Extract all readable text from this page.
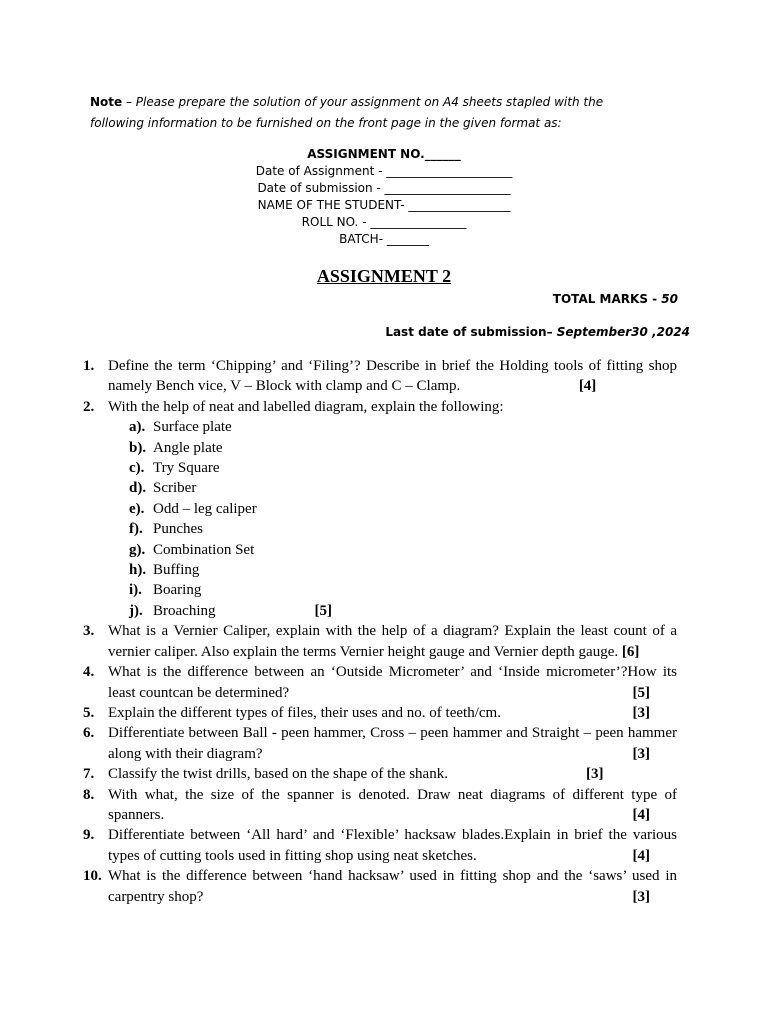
Note – Please prepare the solution of your assignment on A4 sheets stapled with the following information to be furnished on the front page in the given format as:
ASSIGNMENT NO.______
Date of Assignment - _____________________
Date of submission - _____________________
NAME OF THE STUDENT- _________________
ROLL NO. - ________________
BATCH- _______
ASSIGNMENT 2
TOTAL MARKS - 50
Last date of submission– September30 ,2024
1. Define the term ‘Chipping’ and ‘Filing’? Describe in brief the Holding tools of fitting shop namely Bench vice, V – Block with clamp and C – Clamp.	[4]
2. With the help of neat and labelled diagram, explain the following:
a). Surface plate
b). Angle plate
c). Try Square
d). Scriber
e). Odd – leg caliper
f). Punches
g). Combination Set
h). Buffing
i). Boaring
j). Broaching	[5]
3. What is a Vernier Caliper, explain with the help of a diagram? Explain the least count of a vernier caliper. Also explain the terms Vernier height gauge and Vernier depth gauge. [6]
4. What is the difference between an ‘Outside Micrometer’ and ‘Inside micrometer’?How its least countcan be determined?	[5]
5. Explain the different types of files, their uses and no. of teeth/cm.	[3]
6. Differentiate between Ball - peen hammer, Cross – peen hammer and Straight – peen hammer along with their diagram?	[3]
7. Classify the twist drills, based on the shape of the shank.	[3]
8. With what, the size of the spanner is denoted. Draw neat diagrams of different type of spanners.	[4]
9. Differentiate between ‘All hard’ and ‘Flexible’ hacksaw blades.Explain in brief the various types of cutting tools used in fitting shop using neat sketches.	[4]
10. What is the difference between ‘hand hacksaw’ used in fitting shop and the ‘saws’ used in carpentry shop?	[3]
